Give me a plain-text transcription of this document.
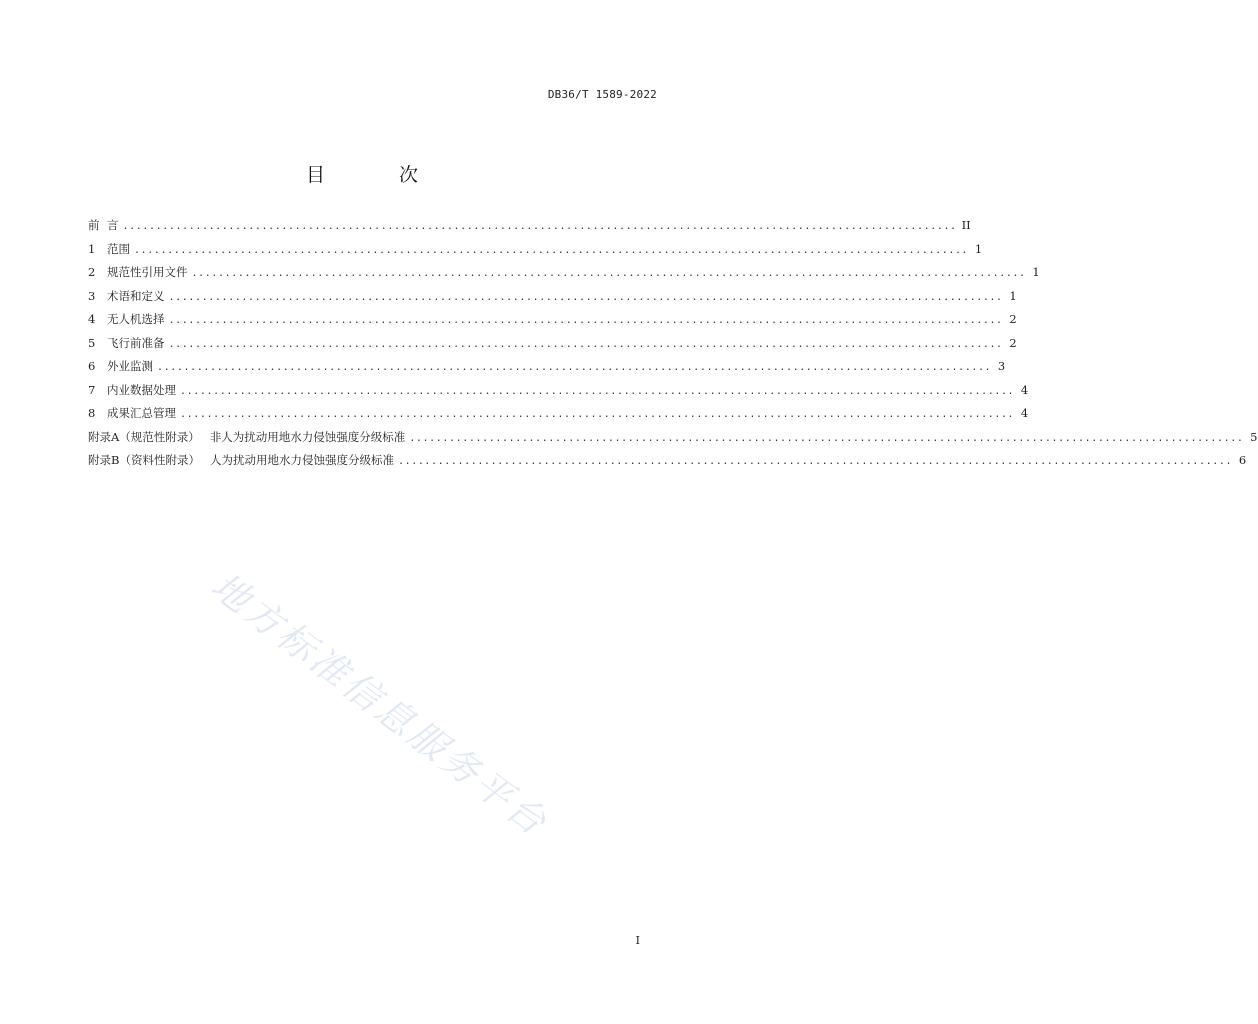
DB36/T 1589-2022
目 次
前 言 .............................................................................................................................. II
1	范围 .............................................................................................................................. 1
2	规范性引用文件 .............................................................................................................................. 1
3	术语和定义 .............................................................................................................................. 1
4	无人机选择 .............................................................................................................................. 2
5	飞行前准备 .............................................................................................................................. 2
6	外业监测 .............................................................................................................................. 3
7	内业数据处理 .............................................................................................................................. 4
8	成果汇总管理 .............................................................................................................................. 4
附录A（规范性附录） 非人为扰动用地水力侵蚀强度分级标准 .............................................................................................................................. 5
附录B（资料性附录） 人为扰动用地水力侵蚀强度分级标准 .............................................................................................................................. 6
地方标准信息服务平台
I
